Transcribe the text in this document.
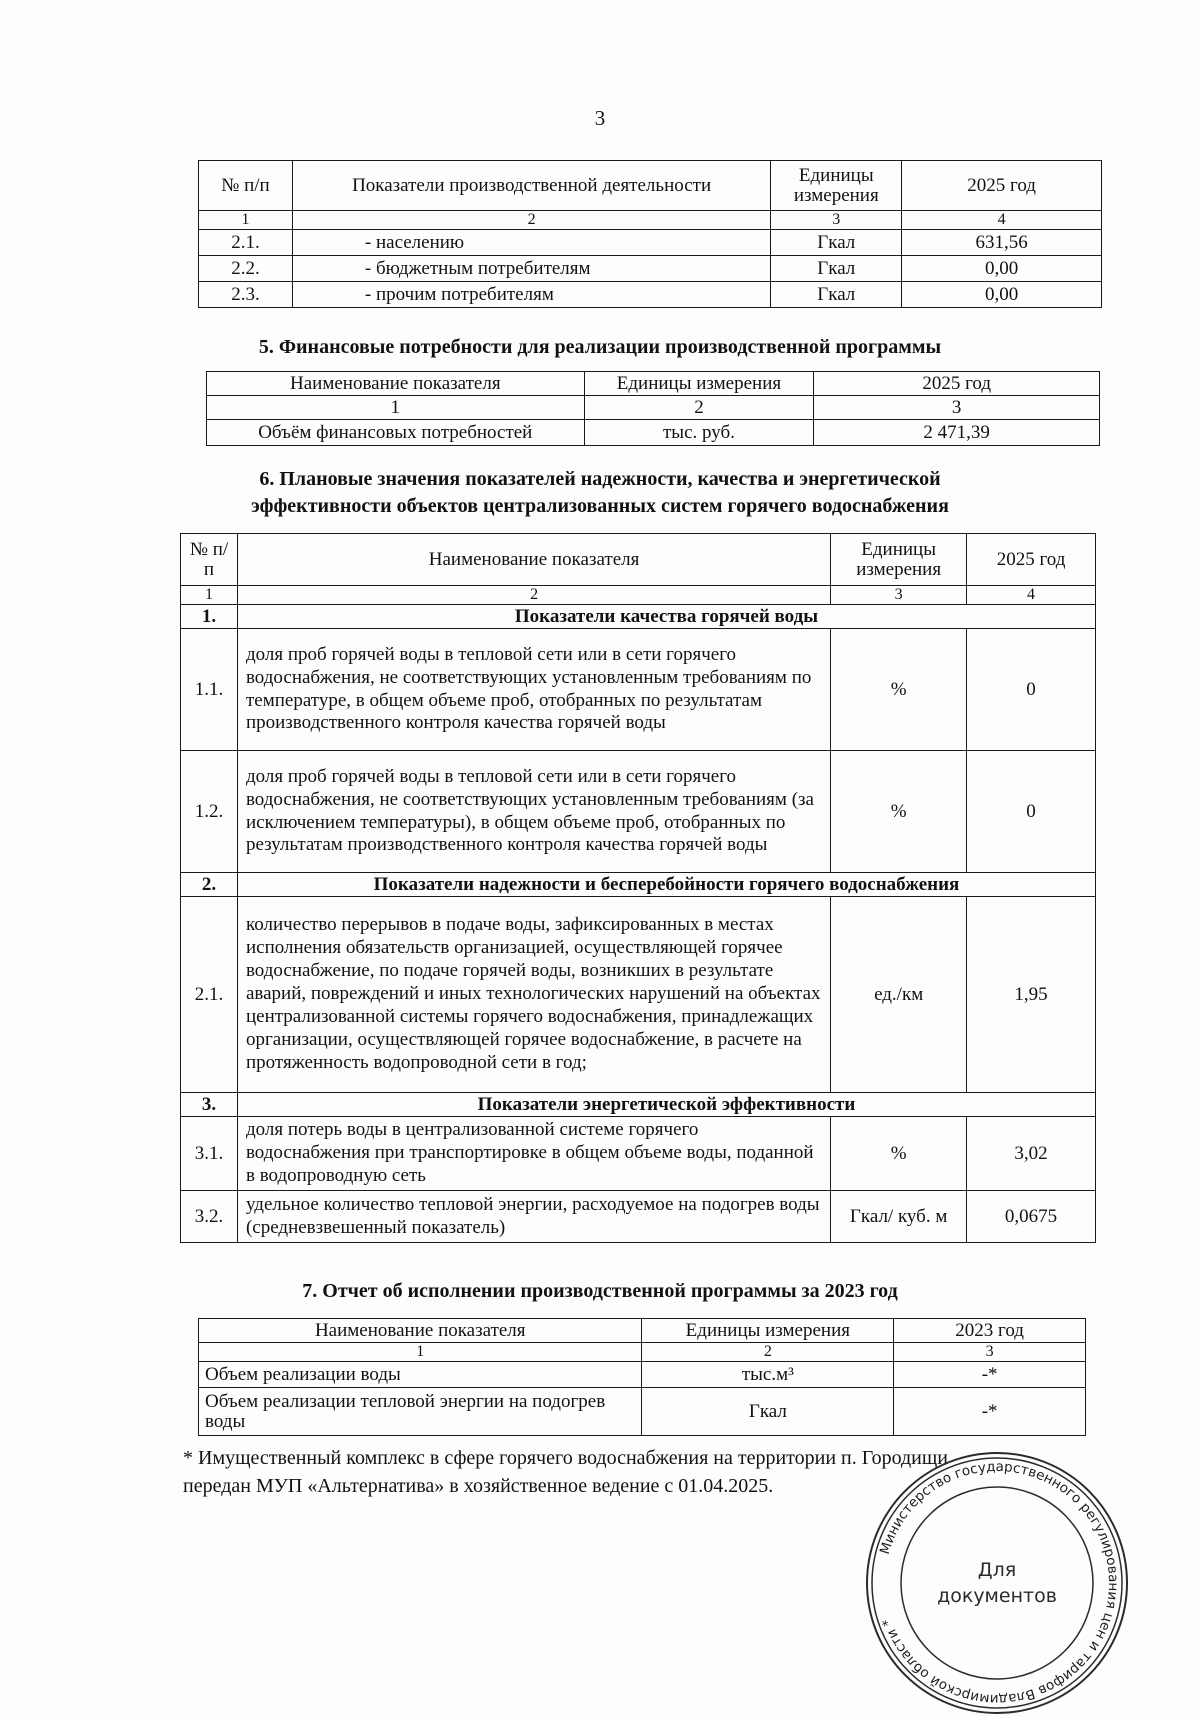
3
№ п/п	Показатели производственной деятельности	Единицы измерения	2025 год
1	2	3	4
2.1.	- населению	Гкал	631,56
2.2.	- бюджетным потребителям	Гкал	0,00
2.3.	- прочим потребителям	Гкал	0,00
5. Финансовые потребности для реализации производственной программы
Наименование показателя	Единицы измерения	2025 год
1	2	3
Объём финансовых потребностей	тыс. руб.	2 471,39
6. Плановые значения показателей надежности, качества и энергетической
эффективности объектов централизованных систем горячего водоснабжения
№ п/п	Наименование показателя	Единицы измерения	2025 год
1	2	3	4
1.	Показатели качества горячей воды		
1.1.	доля проб горячей воды в тепловой сети или в сети горячего водоснабжения, не соответствующих установленным требованиям по температуре, в общем объеме проб, отобранных по результатам производственного контроля качества горячей воды	%	0
1.2.	доля проб горячей воды в тепловой сети или в сети горячего водоснабжения, не соответствующих установленным требованиям (за исключением температуры), в общем объеме проб, отобранных по результатам производственного контроля качества горячей воды	%	0
2.	Показатели надежности и бесперебойности горячего водоснабжения		
2.1.	количество перерывов в подаче воды, зафиксированных в местах исполнения обязательств организацией, осуществляющей горячее водоснабжение, по подаче горячей воды, возникших в результате аварий, повреждений и иных технологических нарушений на объектах централизованной системы горячего водоснабжения, принадлежащих организации, осуществляющей горячее водоснабжение, в расчете на протяженность водопроводной сети в год;	ед./км	1,95
3.	Показатели энергетической эффективности		
3.1.	доля потерь воды в централизованной системе горячего водоснабжения при транспортировке в общем объеме воды, поданной в водопроводную сеть	%	3,02
3.2.	удельное количество тепловой энергии, расходуемое на подогрев воды (средневзвешенный показатель)	Гкал/ куб. м	0,0675
7. Отчет об исполнении производственной программы за 2023 год
Наименование показателя	Единицы измерения	2023 год
1	2	3
Объем реализации воды	тыс.м³	-*
Объем реализации тепловой энергии на подогрев воды	Гкал	-*
* Имущественный комплекс в сфере горячего водоснабжения на территории п. Городищи
передан МУП «Альтернатива» в хозяйственное ведение с 01.04.2025.
Министерство государственного регулирования цен и тарифов Владимирской области *
Для
документов
